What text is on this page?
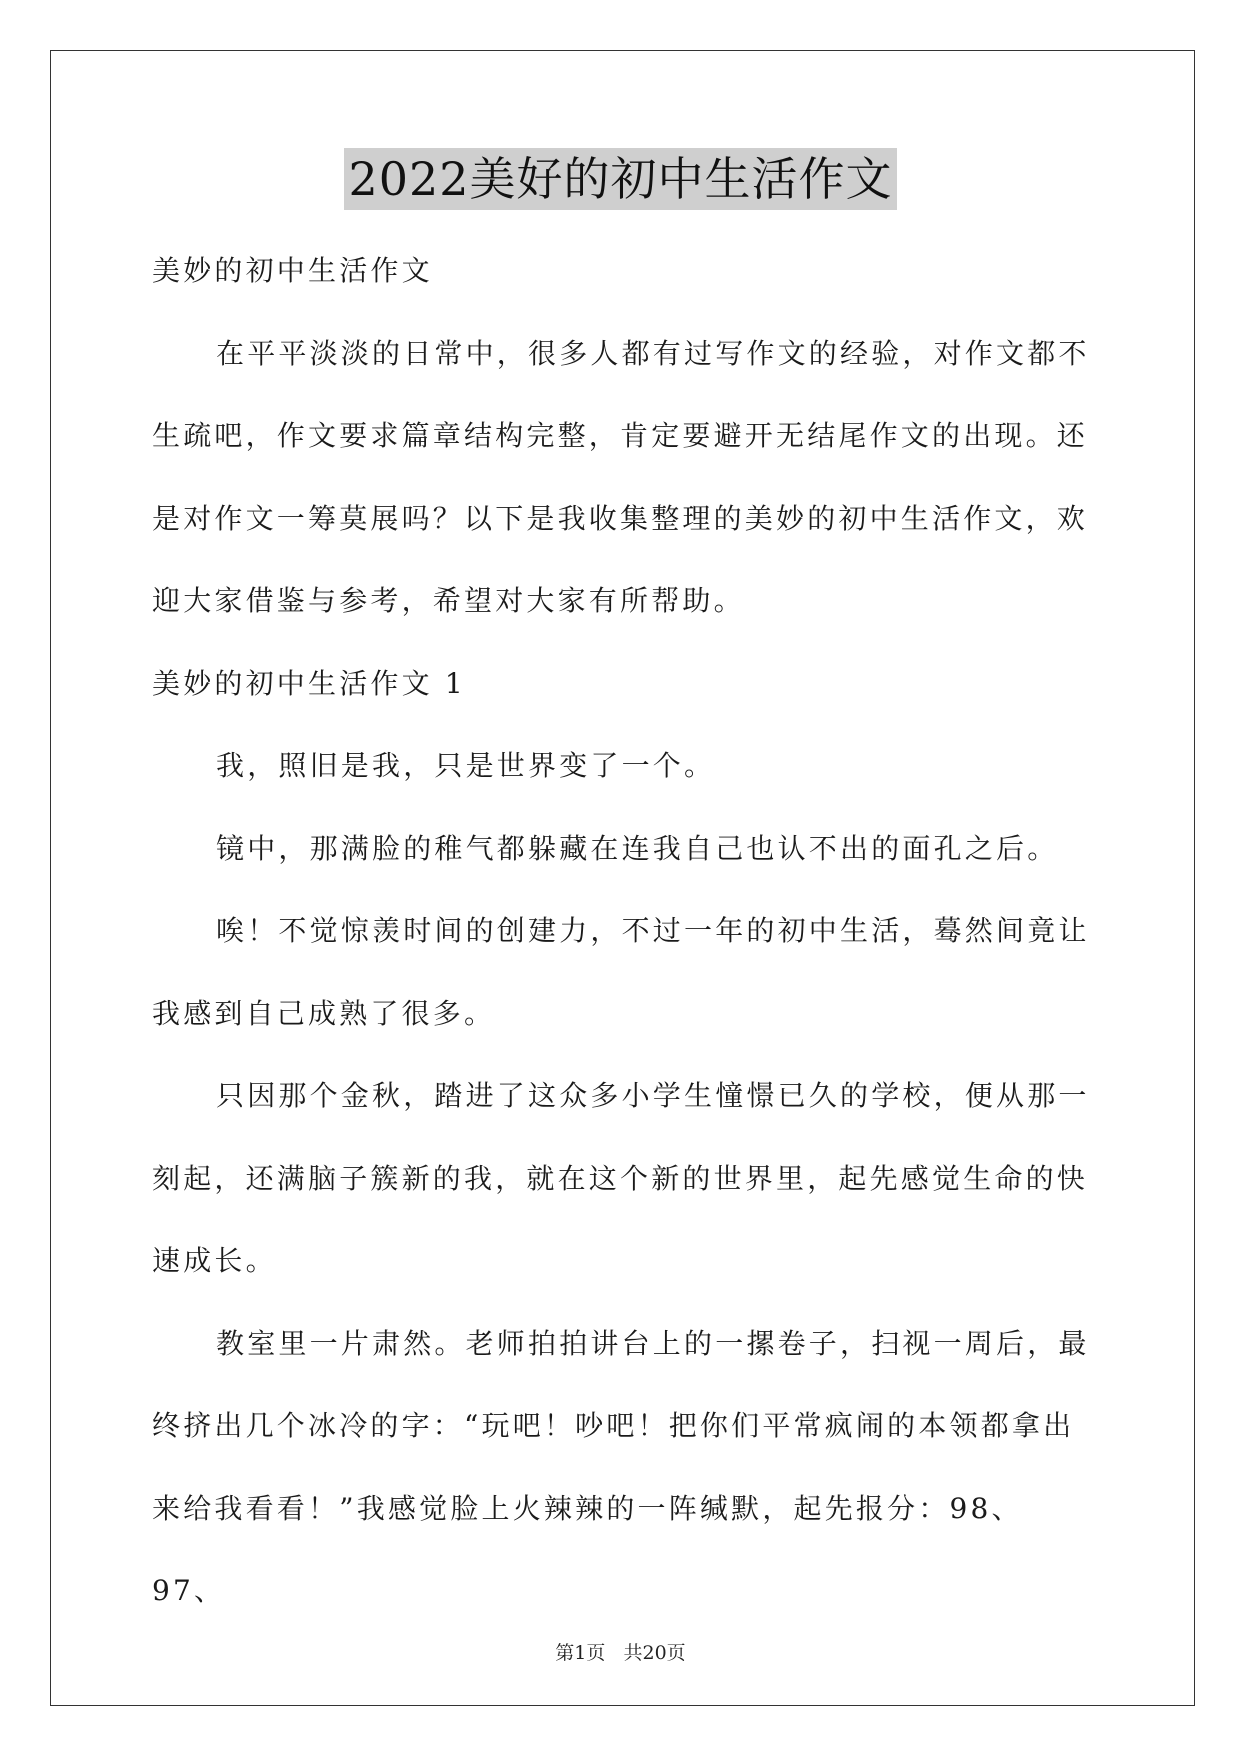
2022美好的初中生活作文

美妙的初中生活作文

在平平淡淡的日常中，很多人都有过写作文的经验，对作文都不生疏吧，作文要求篇章结构完整，肯定要避开无结尾作文的出现。还是对作文一筹莫展吗？以下是我收集整理的美妙的初中生活作文，欢迎大家借鉴与参考，希望对大家有所帮助。

美妙的初中生活作文 1

我，照旧是我，只是世界变了一个。

镜中，那满脸的稚气都躲藏在连我自己也认不出的面孔之后。

唉！不觉惊羡时间的创建力，不过一年的初中生活，蓦然间竟让我感到自己成熟了很多。

只因那个金秋，踏进了这众多小学生憧憬已久的学校，便从那一刻起，还满脑子簇新的我，就在这个新的世界里，起先感觉生命的快速成长。

教室里一片肃然。老师拍拍讲台上的一摞卷子，扫视一周后，最终挤出几个冰冷的字：“玩吧！吵吧！把你们平常疯闹的本领都拿出来给我看看！”我感觉脸上火辣辣的一阵缄默，起先报分：98、97、

第1页   共20页
